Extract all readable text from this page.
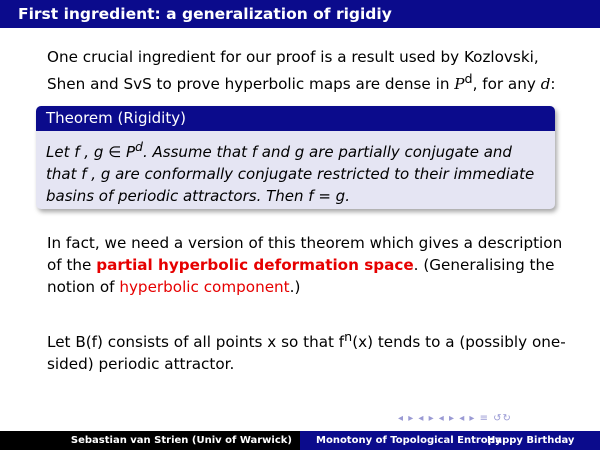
First ingredient: a generalization of rigidiy

One crucial ingredient for our proof is a result used by Kozlovski,
Shen and SvS to prove hyperbolic maps are dense in $P^d$, for any d:

Theorem (Rigidity)
Let f , g ∈ $P^d$. Assume that f and g are partially conjugate and
that f , g are conformally conjugate restricted to their immediate
basins of periodic attractors. Then f = g.

In fact, we need a version of this theorem which gives a description of the partial hyperbolic deformation space. (Generalising the notion of hyperbolic component.)

Let B(f) consists of all points x so that $f^n(x)$ tends to a (possibly one-sided) periodic attractor.

◂ ▸ ◂ ▸ ◂ ▸ ◂ ▸ ≡ ↺↻
Sebastian van Strien (Univ of Warwick)	Monotony of Topological Entropy
Happy Birthday Jack
